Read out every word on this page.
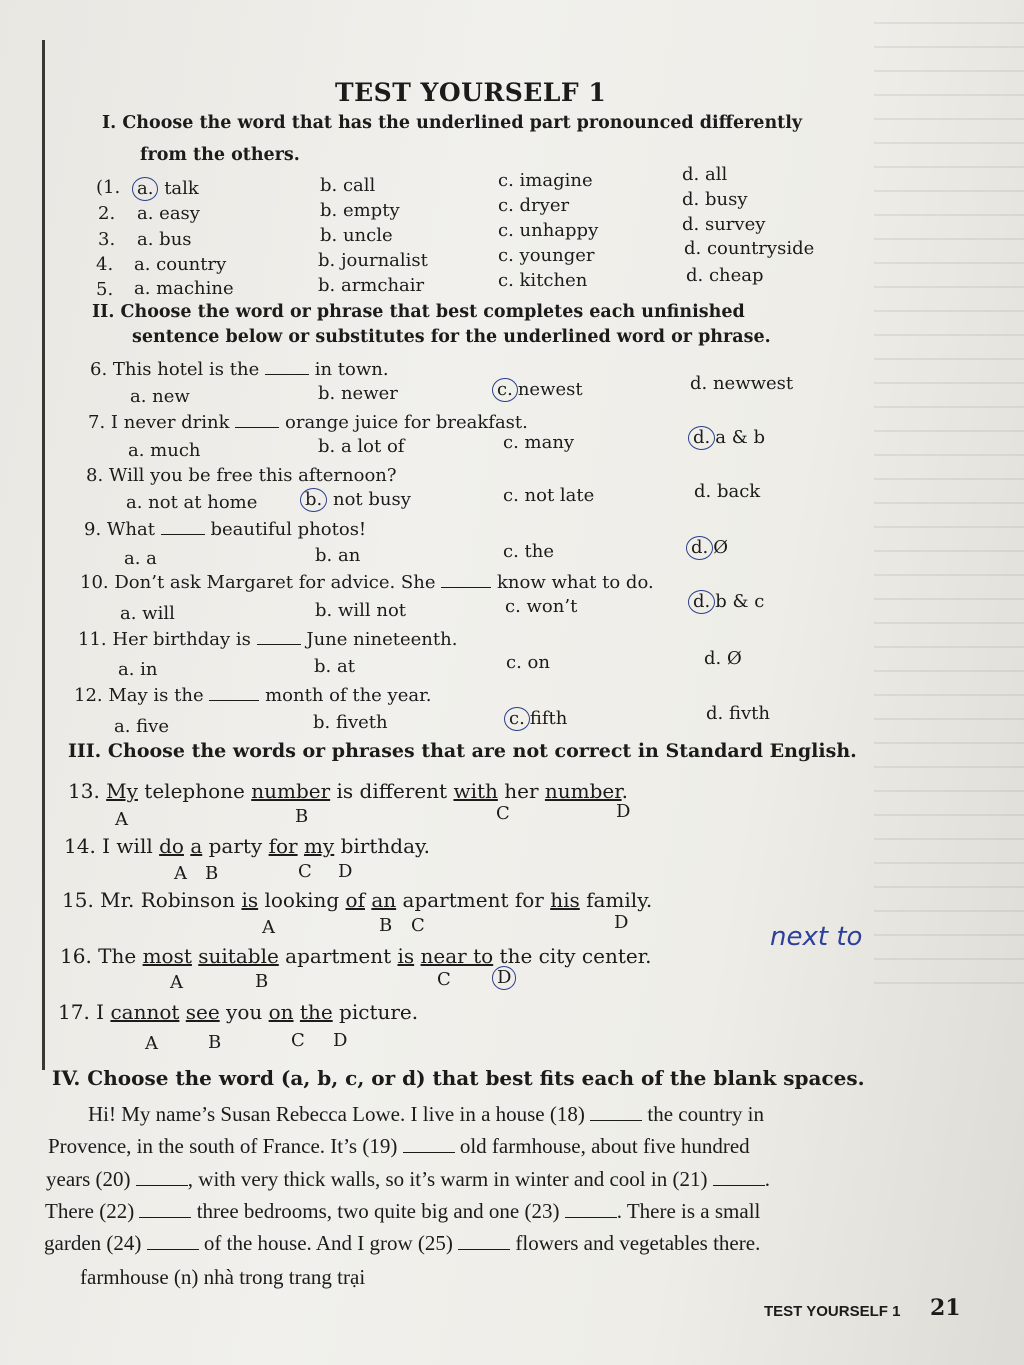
TEST YOURSELF 1
I. Choose the word that has the underlined part pronounced differently
from the others.
(1. a. talk	b. call	c. imagine	d. all
2. a. easy	b. empty	c. dryer	d. busy
3. a. bus	b. uncle	c. unhappy	d. survey
4. a. country	b. journalist	c. younger	d. countryside
5. a. machine	b. armchair	c. kitchen	d. cheap
II. Choose the word or phrase that best completes each unfinished
sentence below or substitutes for the underlined word or phrase.
6. This hotel is the	in town.
a. new	b. newer	c. newest	d. newwest
7. I never drink	orange juice for breakfast.
a. much	b. a lot of	c. many	d. a & b
8. Will you be free this afternoon?
a. not at home	b. not busy	c. not late	d. back
9. What	beautiful photos!
a. a	b. an	c. the	d. Ø
10. Don’t ask Margaret for advice. She	know what to do.
a. will	b. will not	c. won’t	d. b & c
11. Her birthday is	June nineteenth.
a. in	b. at	c. on	d. Ø
12. May is the	month of the year.
a. five	b. fiveth	c. fifth	d. fivth
III. Choose the words or phrases that are not correct in Standard English.
13. My telephone number is different with her number.
A	B	C	D
14. I will do a party for my birthday.
A B	C D
15. Mr. Robinson is looking of an apartment for his family.
A	B C	D
16. The most suitable apartment is near to the city center.
next to
A	B	C	D
17. I cannot see you on the picture.
A	B	C D
IV. Choose the word (a, b, c, or d) that best fits each of the blank spaces.
Hi! My name’s Susan Rebecca Lowe. I live in a house (18)	the country in
Provence, in the south of France. It’s (19)	old farmhouse, about five hundred
years (20)	, with very thick walls, so it’s warm in winter and cool in (21)	.
There (22)	three bedrooms, two quite big and one (23)	. There is a small
garden (24)	of the house. And I grow (25)	flowers and vegetables there.
farmhouse (n) nhà trong trang trại
TEST YOURSELF 1 21
